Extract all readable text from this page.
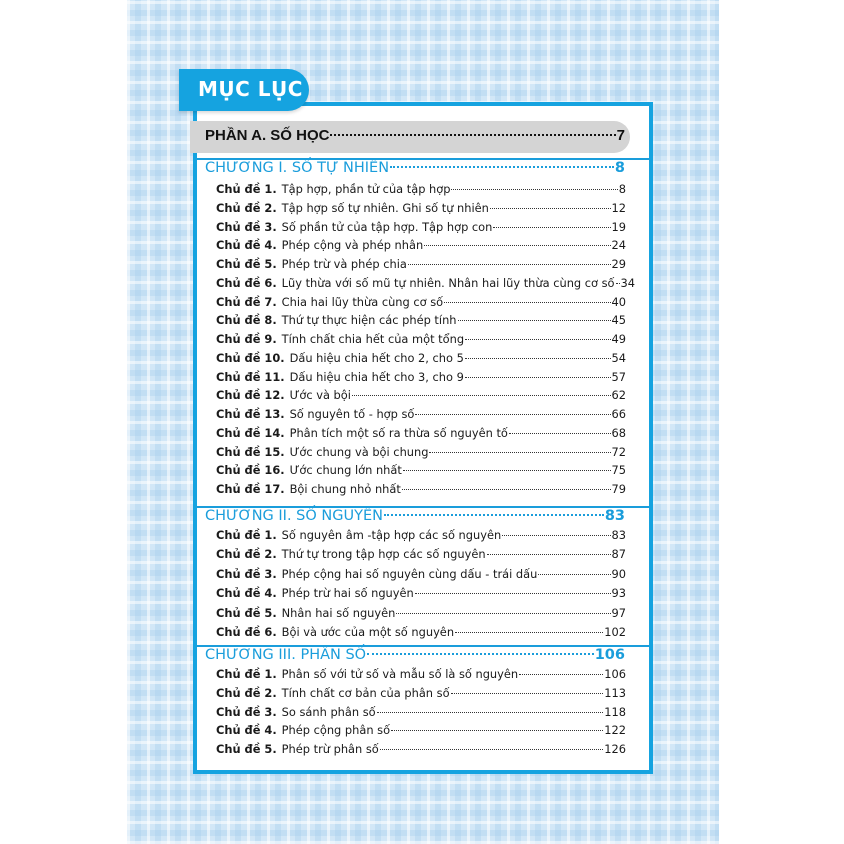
MỤC LỤC
PHẦN A. SỐ HỌC	7
CHƯƠNG I. SỐ TỰ NHIÊN	8
Chủ đề 1. Tập hợp, phần tử của tập hợp	8
Chủ đề 2. Tập hợp số tự nhiên. Ghi số tự nhiên	12
Chủ đề 3. Số phần tử của tập hợp. Tập hợp con	19
Chủ đề 4. Phép cộng và phép nhân	24
Chủ đề 5. Phép trừ và phép chia	29
Chủ đề 6. Lũy thừa với số mũ tự nhiên. Nhân hai lũy thừa cùng cơ số 34
Chủ đề 7. Chia hai lũy thừa cùng cơ số	40
Chủ đề 8. Thứ tự thực hiện các phép tính	45
Chủ đề 9. Tính chất chia hết của một tổng	49
Chủ đề 10. Dấu hiệu chia hết cho 2, cho 5	54
Chủ đề 11. Dấu hiệu chia hết cho 3, cho 9	57
Chủ đề 12. Ước và bội	62
Chủ đề 13. Số nguyên tố - hợp số	66
Chủ đề 14. Phân tích một số ra thừa số nguyên tố	68
Chủ đề 15. Ước chung và bội chung	72
Chủ đề 16. Ước chung lớn nhất	75
Chủ đề 17. Bội chung nhỏ nhất	79
CHƯƠNG II. SỐ NGUYÊN	83
Chủ đề 1. Số nguyên âm -tập hợp các số nguyên	83
Chủ đề 2. Thứ tự trong tập hợp các số nguyên	87
Chủ đề 3. Phép cộng hai số nguyên cùng dấu - trái dấu	90
Chủ đề 4. Phép trừ hai số nguyên	93
Chủ đề 5. Nhân hai số nguyên	97
Chủ đề 6. Bội và ước của một số nguyên	102
CHƯƠNG III. PHÂN SỐ	106
Chủ đề 1. Phân số với tử số và mẫu số là số nguyên	106
Chủ đề 2. Tính chất cơ bản của phân số	113
Chủ đề 3. So sánh phân số	118
Chủ đề 4. Phép cộng phân số	122
Chủ đề 5. Phép trừ phân số	126
